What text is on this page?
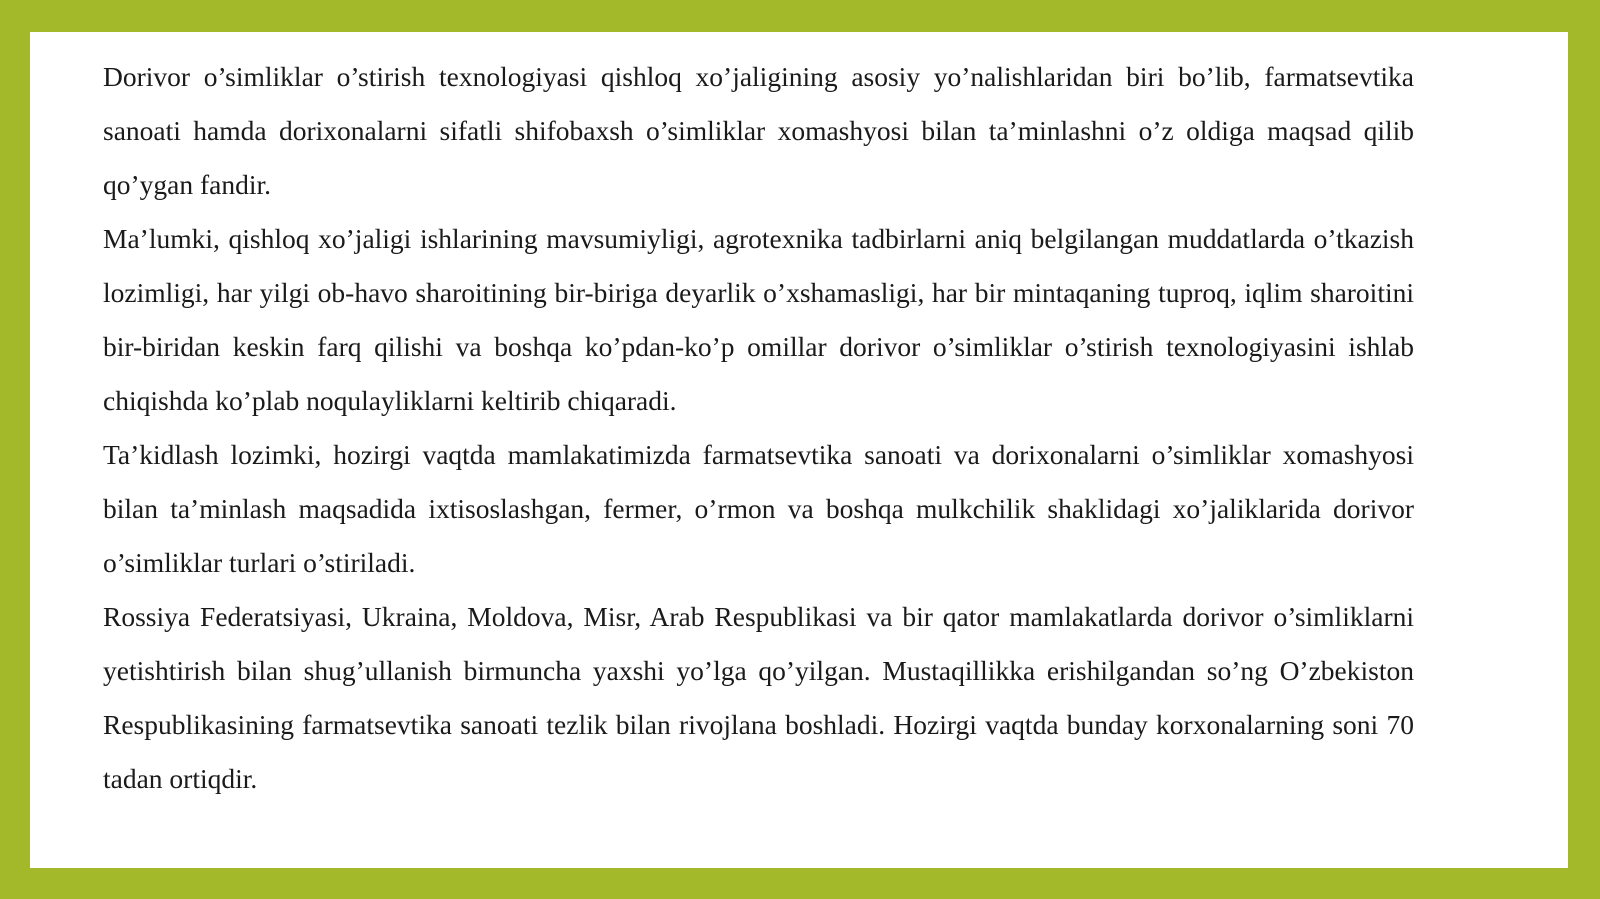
Dorivor o’simliklar o’stirish texnologiyasi qishloq xo’jaligining asosiy yo’nalishlaridan biri bo’lib, farmatsevtika sanoati hamda dorixonalarni sifatli shifobaxsh o’simliklar xomashyosi bilan ta’minlashni o’z oldiga maqsad qilib qo’ygan fandir.

Ma’lumki, qishloq xo’jaligi ishlarining mavsumiyligi, agrotexnika tadbirlarni aniq belgilangan muddatlarda o’tkazish lozimligi, har yilgi ob-havo sharoitining bir-biriga deyarlik o’xshamasligi, har bir mintaqaning tuproq, iqlim sharoitini bir-biridan keskin farq qilishi va boshqa ko’pdan-ko’p omillar dorivor o’simliklar o’stirish texnologiyasini ishlab chiqishda ko’plab noqulayliklarni keltirib chiqaradi.

Ta’kidlash lozimki, hozirgi vaqtda mamlakatimizda farmatsevtika sanoati va dorixonalarni o’simliklar xomashyosi bilan ta’minlash maqsadida ixtisoslashgan, fermer, o’rmon va boshqa mulkchilik shaklidagi xo’jaliklarida dorivor o’simliklar turlari o’stiriladi.

Rossiya Federatsiyasi, Ukraina, Moldova, Misr, Arab Respublikasi va bir qator mamlakatlarda dorivor o’simliklarni yetishtirish bilan shug’ullanish birmuncha yaxshi yo’lga qo’yilgan. Mustaqillikka erishilgandan so’ng O’zbekiston Respublikasining farmatsevtika sanoati tezlik bilan rivojlana boshladi. Hozirgi vaqtda bunday korxonalarning soni 70 tadan ortiqdir.
